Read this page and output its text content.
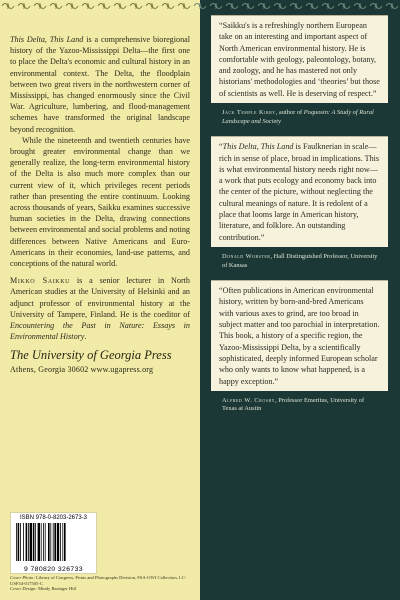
This Delta, This Land is a comprehensive bioregional history of the Yazoo-Mississippi Delta—the first one to place the Delta's economic and cultural history in an environmental context. The Delta, the floodplain between two great rivers in the northwestern corner of Mississippi, has changed enormously since the Civil War. Agriculture, lumbering, and flood-management schemes have transformed the original landscape beyond recognition.

While the nineteenth and twentieth centuries have brought greater environmental change than we generally realize, the long-term environmental history of the Delta is also much more complex than our current view of it, which privileges recent periods rather than presenting the entire continuum. Looking across thousands of years, Saikku examines successive human societies in the Delta, drawing connections between environmental and social problems and noting differences between Native Americans and Euro-Americans in their economies, land-use patterns, and conceptions of the natural world.

Mikko Saikku is a senior lecturer in North American studies at the University of Helsinki and an adjunct professor of environmental history at the University of Tampere, Finland. He is the coeditor of Encountering the Past in Nature: Essays in Environmental History.
The University of Georgia Press
Athens, Georgia 30602 www.ugapress.org
ISBN 978-0-8203-2673-3
9 780820 326733
Cover Photo: Library of Congress, Prints and Photographs Division, FSA-OWI Collection, LC-USF34-017505-C
Cover Design: Mindy Basinger Hill
“Saikku's is a refreshingly northern European take on an interesting and important aspect of North American environmental history. He is comfortable with geology, paleontology, botany, and zoology, and he has mastered not only historians' methodologies and ‘theories’ but those of scientists as well. He is deserving of respect.”
Jack Temple Kirby, author of Poquosin: A Study of Rural Landscape and Society
“This Delta, This Land is Faulknerian in scale—rich in sense of place, broad in implications. This is what environmental history needs right now—a work that puts ecology and economy back into the center of the picture, without neglecting the cultural meanings of nature. It is redolent of a place that looms large in American history, literature, and folklore. An outstanding contribution.”
Donald Worster, Hall Distinguished Professor, University of Kansas
“Often publications in American environmental history, written by born-and-bred Americans with various axes to grind, are too broad in subject matter and too parochial in interpretation. This book, a history of a specific region, the Yazoo-Mississippi Delta, by a scientifically sophisticated, deeply informed European scholar who only wants to know what happened, is a happy exception.”
Alfred W. Crosby, Professor Emeritus, University of Texas at Austin
